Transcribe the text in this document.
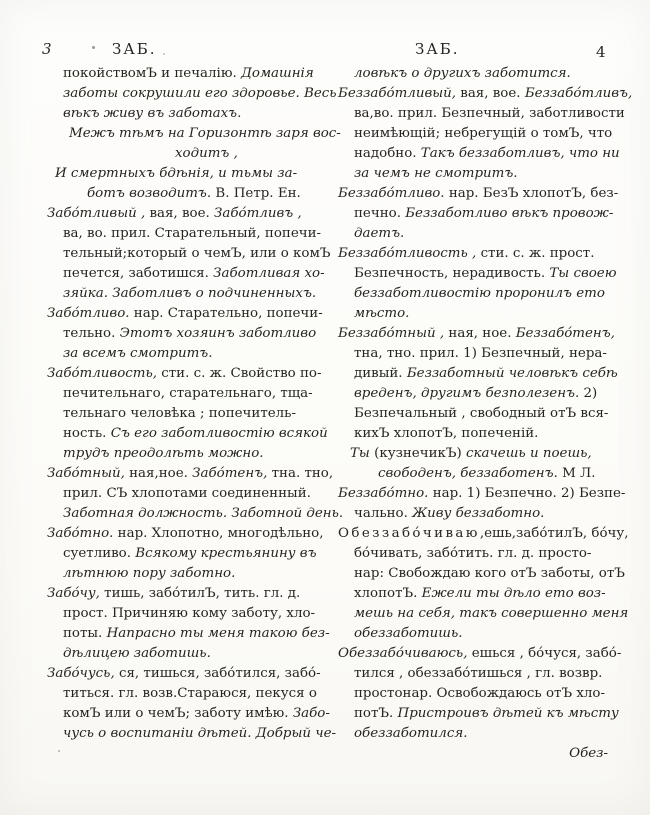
3	ЗАБ.	ЗАБ.	4
покойствомЪ и печалію. Домашнія
заботы сокрушили его здоровье. Весь
вѣкъ живу въ заботахъ.
Межъ тѣмъ на Горизонтѣ заря вос-
ходитъ ,
И смертныхъ бдѣнія, и тьмы за-
ботъ возводитъ. В. Петр. Ен.
Забо́тливый , вая, вое. Забо́тливъ ,
ва, во. прил. Старательный, попечи-
тельный;который о чемЪ, или о комЪ
печется, заботишся. Заботливая хо-
зяйка. Заботливъ о подчиненныхъ.
Забо́тливо. нар. Старательно, попечи-
тельно. Этотъ хозяинъ заботливо
за всемъ смотритъ.
Забо́тливость, сти. с. ж. Свойство по-
печительнаго, старательнаго, тща-
тельнаго человѣка ; попечитель-
ность. Съ его заботливостію всякой
трудъ преодолѣть можно.
Забо́тный, ная,ное. Забо́тенъ, тна. тно,
прил. СЪ хлопотами соединенный.
Заботная должность. Заботной день.
Забо́тно. нар. Хлопотно, многодѣльно,
суетливо. Всякому крестьянину въ
лѣтнюю пору заботно.
Забо́чу, тишь, забо́тилЪ, тить. гл. д.
прост. Причиняю кому заботу, хло-
поты. Напрасно ты меня такою без-
дѣлицею заботишь.
Забо́чусь, ся, тишься, забо́тился, забо́-
титься. гл. возв.Стараюся, пекуся о
комЪ или о чемЪ; заботу имѣю. Забо-
чусь о воспитаніи дѣтей. Добрый че-
ловѣкъ о другихъ заботится.
Беззабо́тливый, вая, вое. Беззабо́тливъ,
ва,во. прил. Безпечный, заботливости
неимѣющій; небрегущій о томЪ, что
надобно. Такъ беззаботливъ, что ни
за чемъ не смотритъ.
Беззабо́тливо. нар. БезЪ хлопотЪ, без-
печно. Беззаботливо вѣкъ провож-
даетъ.
Беззабо́тливость , сти. с. ж. прост.
Безпечность, нерадивость. Ты своею
беззаботливостію проронилъ ето
мѣсто.
Беззабо́тный , ная, ное. Беззабо́тенъ,
тна, тно. прил. 1) Безпечный, нера-
дивый. Беззаботный человѣкъ себѣ
вреденъ, другимъ безполезенъ. 2)
Безпечальный , свободный отЪ вся-
кихЪ хлопотЪ, попеченій.
Ты (кузнечикЪ) скачешь и поешь,
свободенъ, беззаботенъ. М Л.
Беззабо́тно. нар. 1) Безпечно. 2) Безпе-
чально. Живу беззаботно.
Обеззабо́чиваю,ешь,забо́тилЪ, бо́чу,
бо́чивать, забо́тить. гл. д. просто-
нар: Свобождаю кого отЪ заботы, отЪ
хлопотЪ. Ежели ты дѣло ето воз-
мешь на себя, такъ совершенно меня
обеззаботишь.
Обеззабо́чиваюсь, ешься , бо́чуся, забо́-
тился , обеззабо́тишься , гл. возвр.
простонар. Освобождаюсь отЪ хло-
потЪ. Пристроивъ дѣтей къ мѣсту
обеззаботился.
Обез-
